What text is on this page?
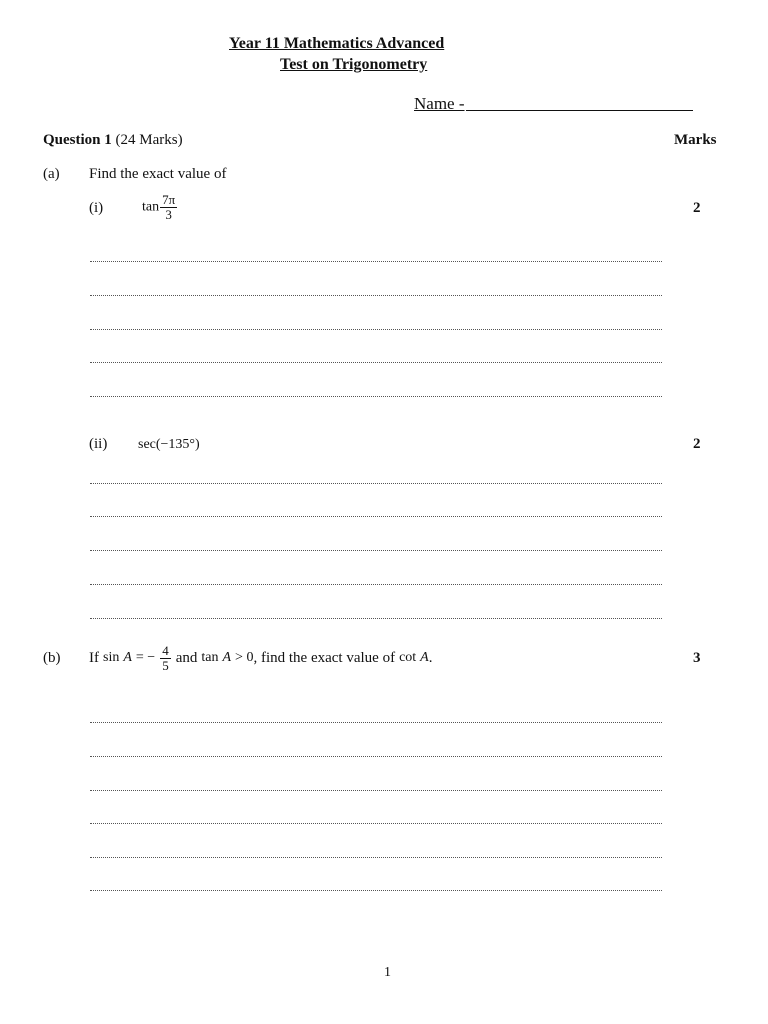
Year 11 Mathematics Advanced
Test on Trigonometry
Name -
Question 1 (24 Marks)	Marks
(a) Find the exact value of
(i)	$\tan \frac{7\pi}{3}$	2
(ii) sec(−135°)	2
(b) If sin A = − $\frac{4}{5}$ and tan A > 0 , find the exact value of cot A .	3
1
